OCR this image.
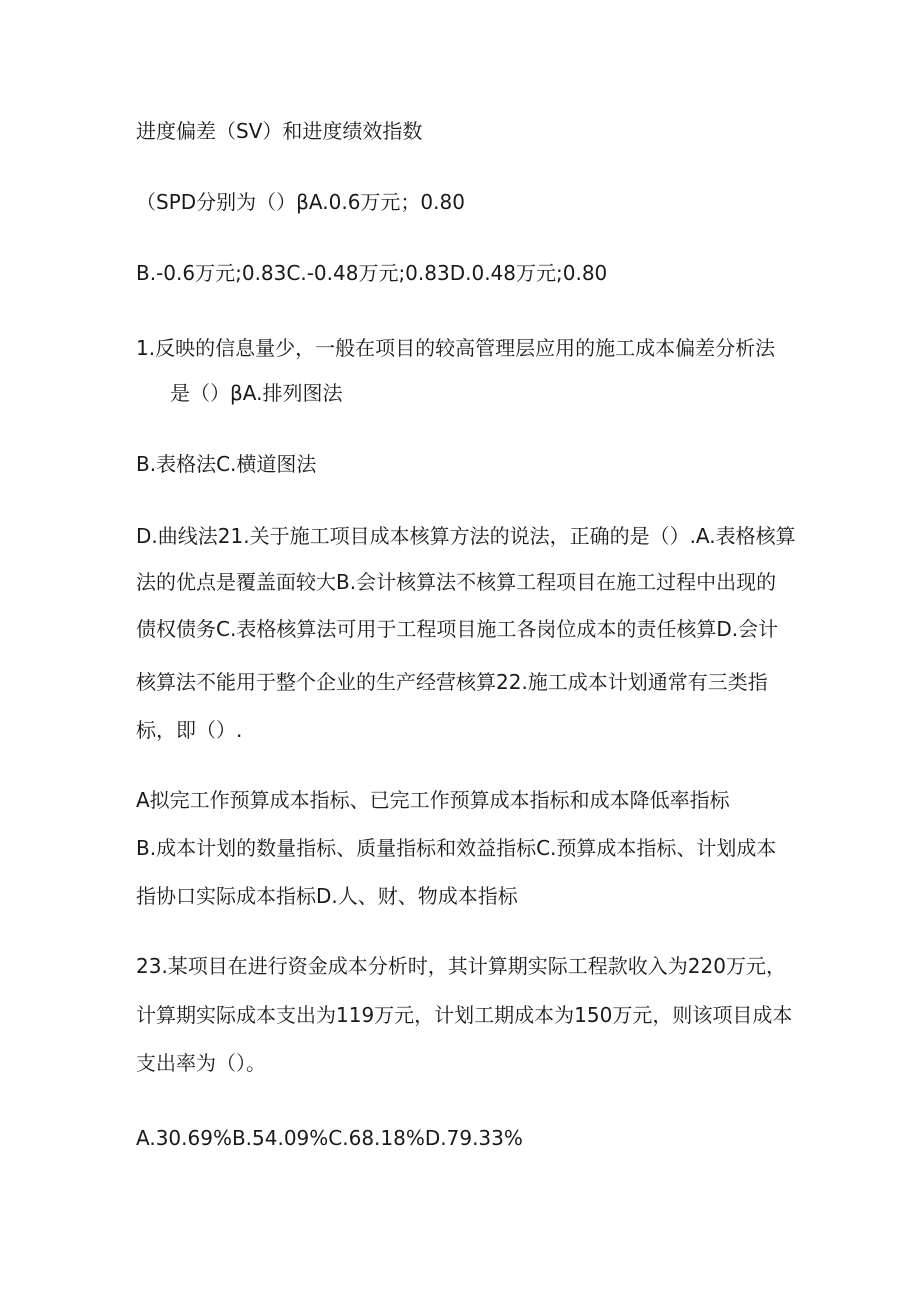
进度偏差（SV）和进度绩效指数
（SPD分别为（）βA.0.6万元；0.80
B.-0.6万元;0.83C.-0.48万元;0.83D.0.48万元;0.80
1.反映的信息量少，一般在项目的较高管理层应用的施工成本偏差分析法
是（）βA.排列图法
B.表格法C.横道图法
D.曲线法21.关于施工项目成本核算方法的说法，正确的是（）.A.表格核算
法的优点是覆盖面较大B.会计核算法不核算工程项目在施工过程中出现的
债权债务C.表格核算法可用于工程项目施工各岗位成本的责任核算D.会计
核算法不能用于整个企业的生产经营核算22.施工成本计划通常有三类指
标，即（）.
A拟完工作预算成本指标、已完工作预算成本指标和成本降低率指标
B.成本计划的数量指标、质量指标和效益指标C.预算成本指标、计划成本
指协口实际成本指标D.人、财、物成本指标
23.某项目在进行资金成本分析时，其计算期实际工程款收入为220万元，
计算期实际成本支出为119万元，计划工期成本为150万元，则该项目成本
支出率为（）。
A.30.69%B.54.09%C.68.18%D.79.33%
